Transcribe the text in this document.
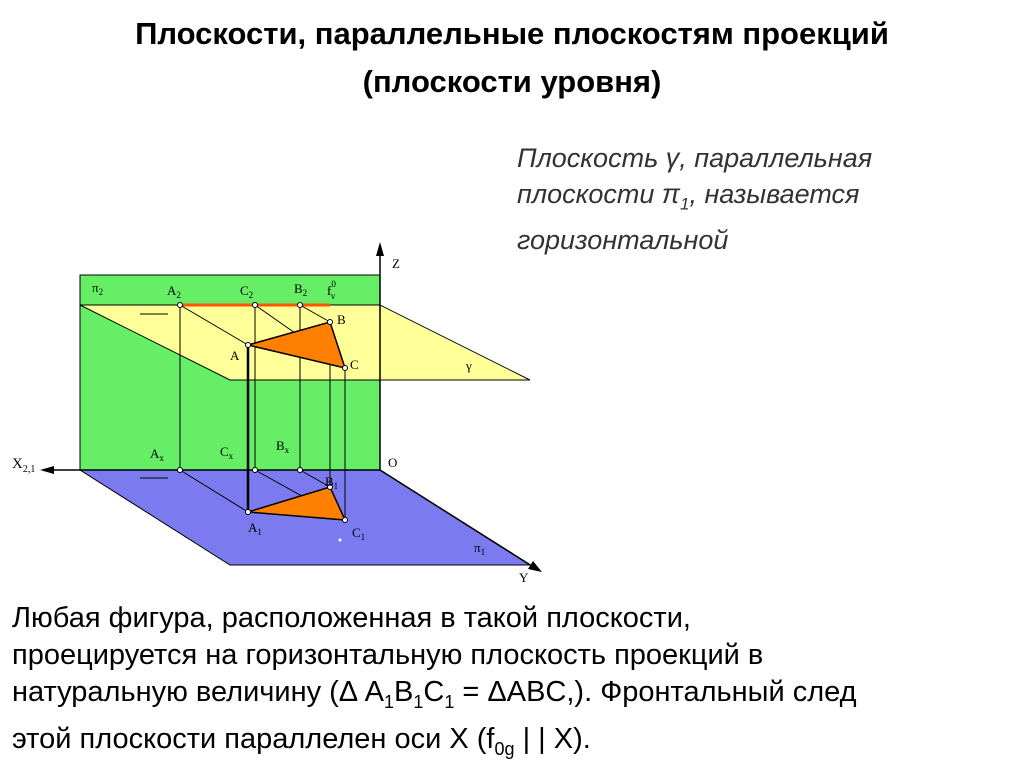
Плоскости, параллельные плоскостям проекций
(плоскости уровня)
Плоскость γ, параллельная
плоскости $\pi_1$, называется
горизонтальной
$\pi_2$	$A_2$	$C_2$	$B_2$ $f^0$ v
B
A
C	γ
Z
$X_{2,1}$
$A_x$	$C_x$
$B_x$
O
$B_1$
$A_1$	$C_1$
$\pi_1$
Y
Любая фигура, расположенная в такой плоскости,
проецируется на горизонтальную плоскость проекций в
натуральную величину (Δ $A_1B_1C_1 = \Delta ABC$,). Фронтальный след
этой плоскости параллелен оси X ($f_{0g}$ | | X).
